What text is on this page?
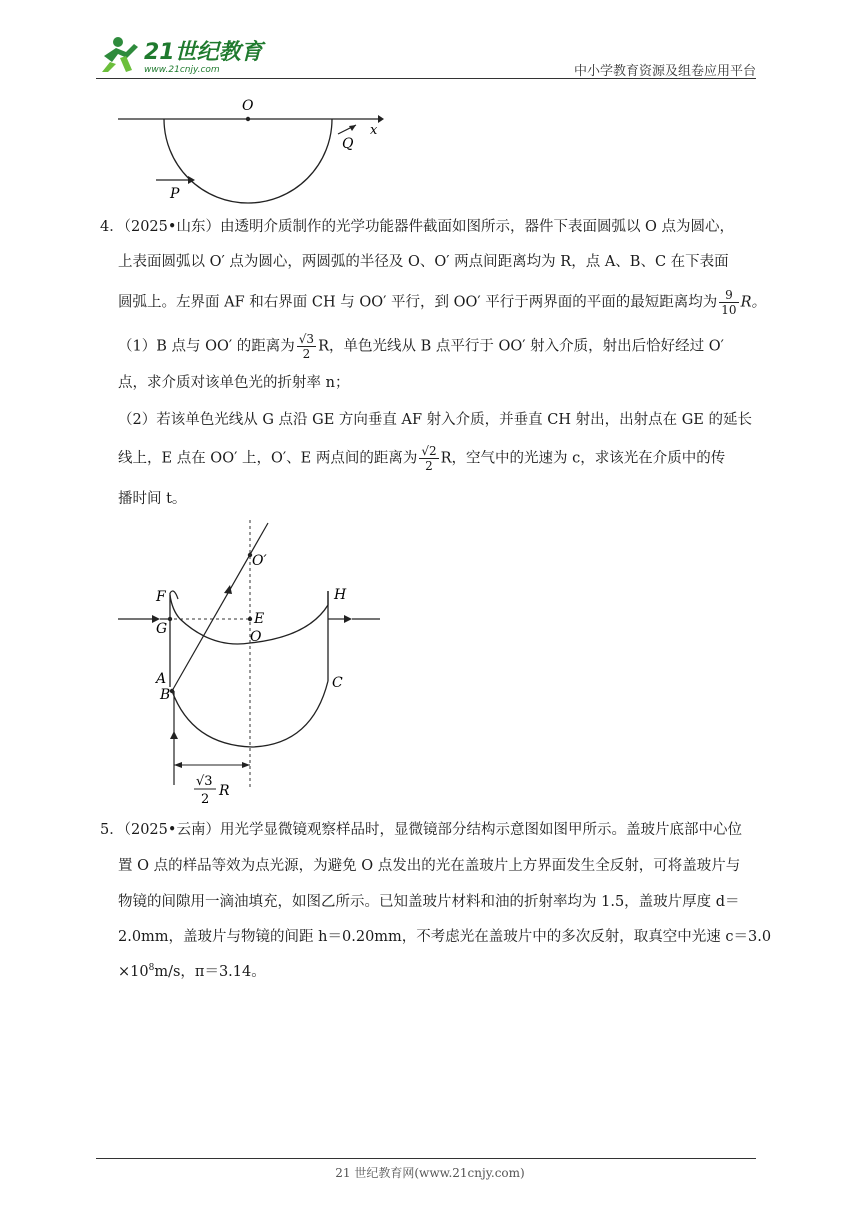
21世纪教育
www.21cnjy.com	中小学教育资源及组卷应用平台
O
x
Q
P
4．（2025•山东）由透明介质制作的光学功能器件截面如图所示，器件下表面圆弧以 O 点为圆心，
上表面圆弧以 O′ 点为圆心，两圆弧的半径及 O、O′ 两点间距离均为 R，点 A、B、C 在下表面
圆弧上。左界面 AF 和右界面 CH 与 OO′ 平行，到 OO′ 平行于两界面的平面的最短距离均为 $\frac{9}{10}$ R。
（1）B 点与 OO′ 的距离为 $\frac{√3}{2}$ R，单色光线从 B 点平行于 OO′ 射入介质，射出后恰好经过 O′
点，求介质对该单色光的折射率 n；
（2）若该单色光线从 G 点沿 GE 方向垂直 AF 射入介质，并垂直 CH 射出，出射点在 GE 的延长
线上，E 点在 OO′ 上，O′、E 两点间的距离为 $\frac{√2}{2}$ R，空气中的光速为 c，求该光在介质中的传
播时间 t。
O′
F	H
G
E
O
A
B
C
√3
2
R
5．（2025•云南）用光学显微镜观察样品时，显微镜部分结构示意图如图甲所示。盖玻片底部中心位
置 O 点的样品等效为点光源，为避免 O 点发出的光在盖玻片上方界面发生全反射，可将盖玻片与
物镜的间隙用一滴油填充，如图乙所示。已知盖玻片材料和油的折射率均为 1.5，盖玻片厚度 d＝
2.0mm，盖玻片与物镜的间距 h＝0.20mm，不考虑光在盖玻片中的多次反射，取真空中光速 c＝3.0
$\times 10^8m/s$，π＝3.14。
21 世纪教育网(www.21cnjy.com)
